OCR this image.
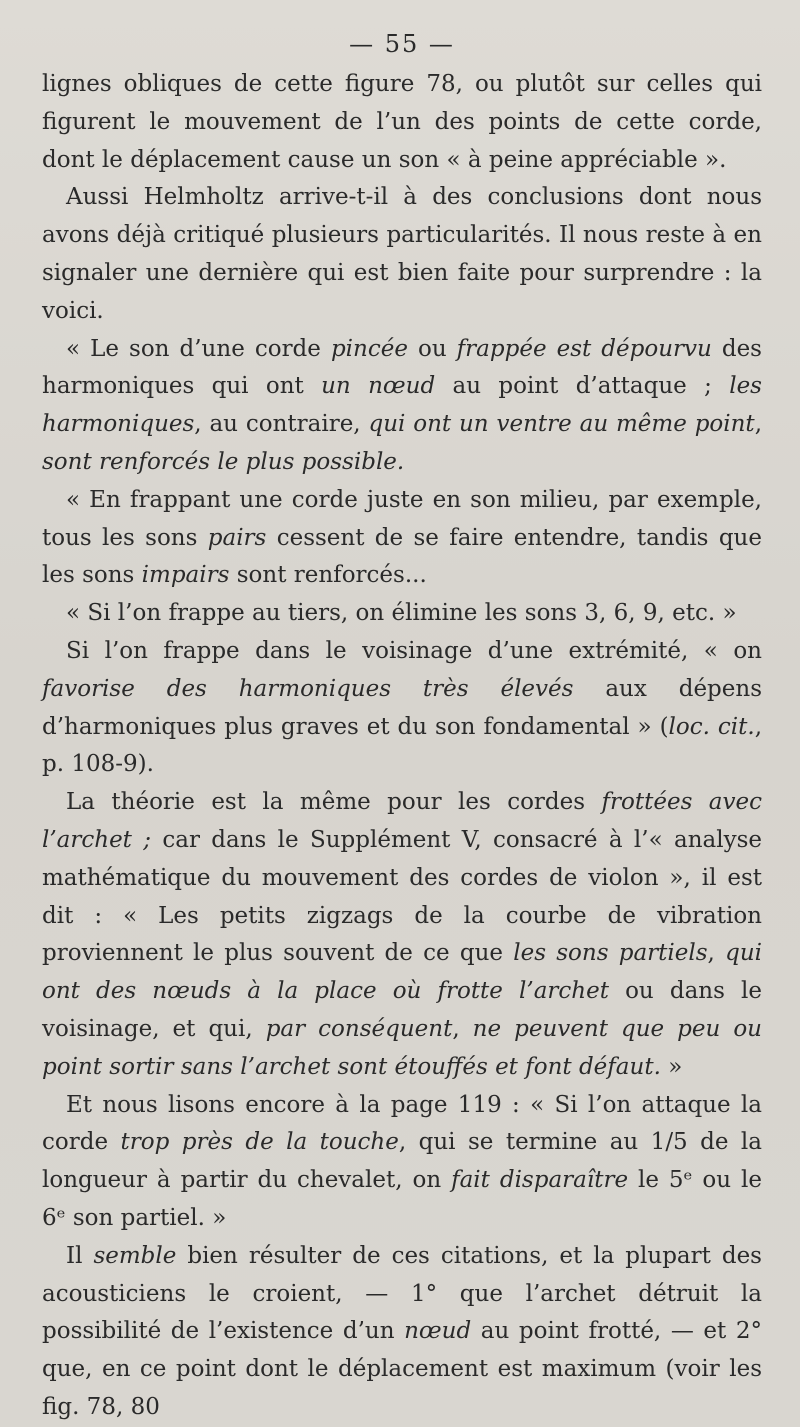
— 55 —

lignes obliques de cette figure 78, ou plutôt sur celles qui figurent le mouvement de l’un des points de cette corde, dont le déplacement cause un son « à peine appréciable ».

Aussi Helmholtz arrive-t-il à des conclusions dont nous avons déjà critiqué plusieurs particularités. Il nous reste à en signaler une dernière qui est bien faite pour surprendre : la voici.

« Le son d’une corde pincée ou frappée est dépourvu des harmoniques qui ont un nœud au point d’attaque ; les harmoniques, au contraire, qui ont un ventre au même point, sont renforcés le plus possible.

« En frappant une corde juste en son milieu, par exemple, tous les sons pairs cessent de se faire entendre, tandis que les sons impairs sont renforcés...

« Si l’on frappe au tiers, on élimine les sons 3, 6, 9, etc. »

Si l’on frappe dans le voisinage d’une extrémité, « on favorise des harmoniques très élevés aux dépens d’harmoniques plus graves et du son fondamental » (loc. cit., p. 108-9).

La théorie est la même pour les cordes frottées avec l’archet ; car dans le Supplément V, consacré à l’« analyse mathématique du mouvement des cordes de violon », il est dit : « Les petits zigzags de la courbe de vibration proviennent le plus souvent de ce que les sons partiels, qui ont des nœuds à la place où frotte l’archet ou dans le voisinage, et qui, par conséquent, ne peuvent que peu ou point sortir sans l’archet sont étouffés et font défaut. »

Et nous lisons encore à la page 119 : « Si l’on attaque la corde trop près de la touche, qui se termine au 1/5 de la longueur à partir du chevalet, on fait disparaître le 5ᵉ ou le 6ᵉ son partiel. »

Il semble bien résulter de ces citations, et la plupart des acousticiens le croient, — 1° que l’archet détruit la possibilité de l’existence d’un nœud au point frotté, — et 2° que, en ce point dont le déplacement est maximum (voir les fig. 78, 80
